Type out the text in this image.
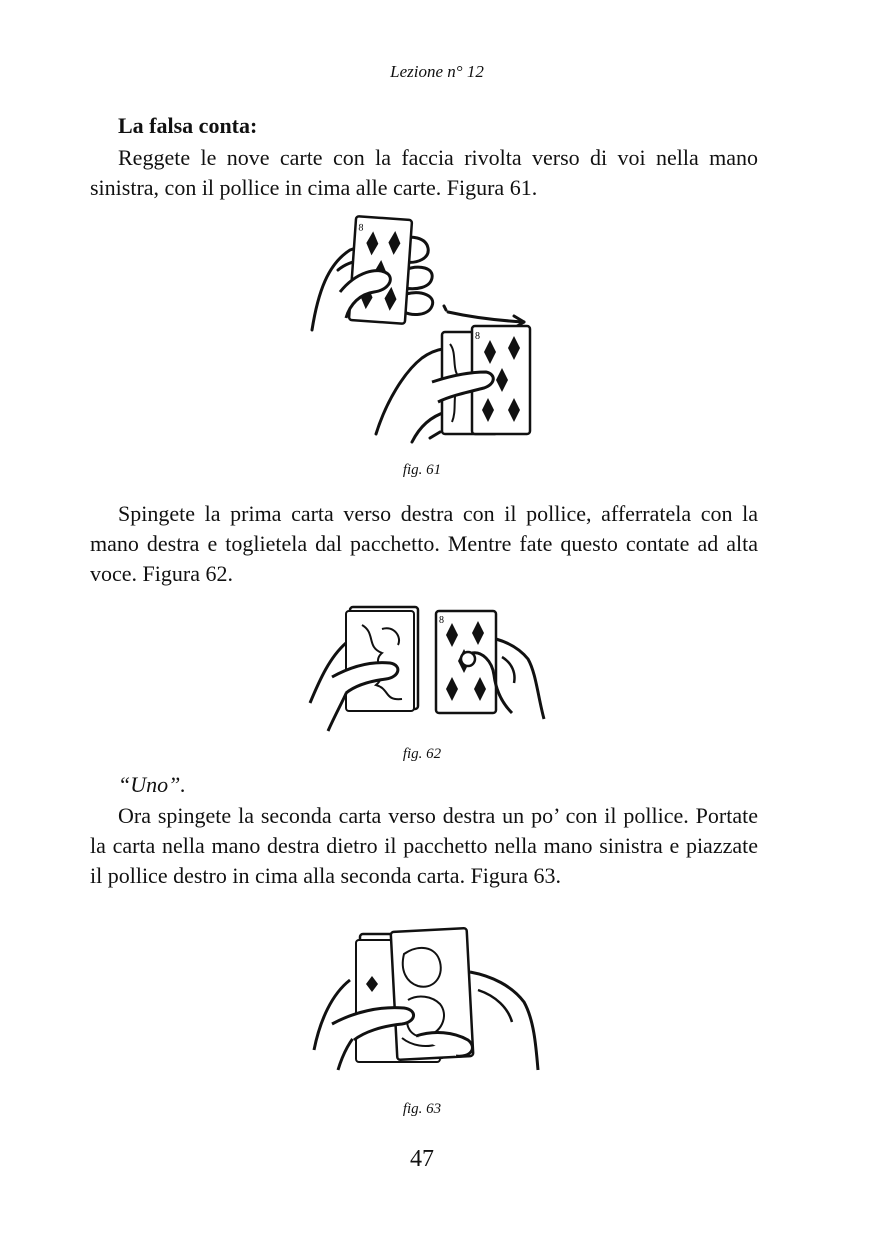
Lezione n° 12

La falsa conta:

Reggete le nove carte con la faccia rivolta verso di voi nella mano sinistra, con il pollice in cima alle carte. Figura 61.

8
8
fig. 61

Spingete la prima carta verso destra con il pollice, afferratela con la mano destra e toglietela dal pacchetto. Mentre fate questo contate ad alta voce. Figura 62.

8
fig. 62

“Uno”.

Ora spingete la seconda carta verso destra un po’ con il pollice. Portate la carta nella mano destra dietro il pacchetto nella mano sinistra e piazzate il pollice destro in cima alla seconda carta. Figura 63.

fig. 63
47
